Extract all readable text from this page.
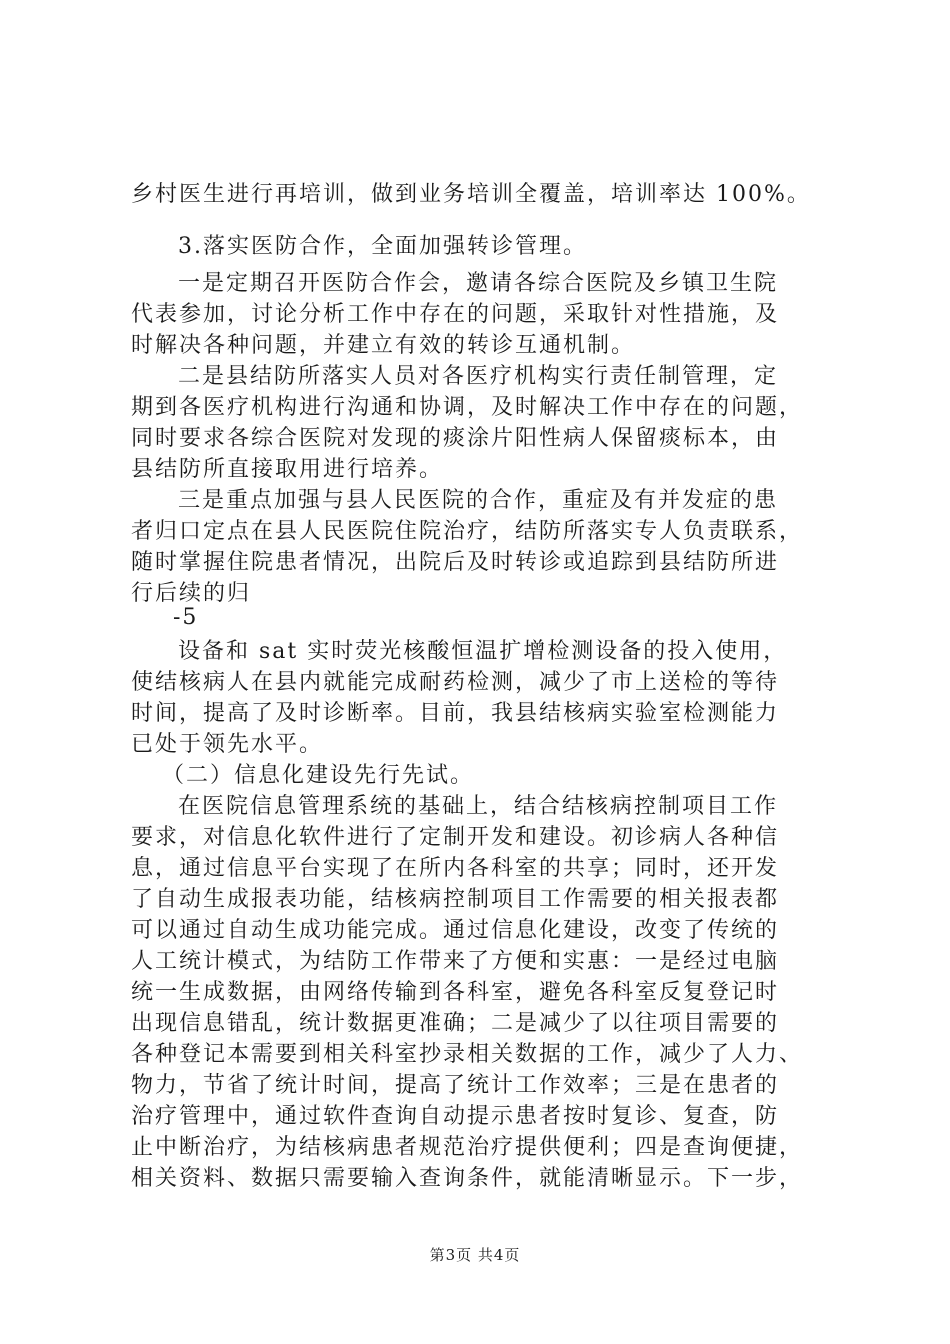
乡村医生进行再培训，做到业务培训全覆盖，培训率达 100%。
3.落实医防合作，全面加强转诊管理。
一是定期召开医防合作会，邀请各综合医院及乡镇卫生院
代表参加，讨论分析工作中存在的问题，采取针对性措施，及
时解决各种问题，并建立有效的转诊互通机制。
二是县结防所落实人员对各医疗机构实行责任制管理，定
期到各医疗机构进行沟通和协调，及时解决工作中存在的问题，
同时要求各综合医院对发现的痰涂片阳性病人保留痰标本，由
县结防所直接取用进行培养。
三是重点加强与县人民医院的合作，重症及有并发症的患
者归口定点在县人民医院住院治疗，结防所落实专人负责联系，
随时掌握住院患者情况，出院后及时转诊或追踪到县结防所进
行后续的归
-5
设备和 sat 实时荧光核酸恒温扩增检测设备的投入使用，
使结核病人在县内就能完成耐药检测，减少了市上送检的等待
时间，提高了及时诊断率。目前，我县结核病实验室检测能力
已处于领先水平。
（二）信息化建设先行先试。
在医院信息管理系统的基础上，结合结核病控制项目工作
要求，对信息化软件进行了定制开发和建设。初诊病人各种信
息，通过信息平台实现了在所内各科室的共享；同时，还开发
了自动生成报表功能，结核病控制项目工作需要的相关报表都
可以通过自动生成功能完成。通过信息化建设，改变了传统的
人工统计模式，为结防工作带来了方便和实惠：一是经过电脑
统一生成数据，由网络传输到各科室，避免各科室反复登记时
出现信息错乱，统计数据更准确；二是减少了以往项目需要的
各种登记本需要到相关科室抄录相关数据的工作，减少了人力、
物力，节省了统计时间，提高了统计工作效率；三是在患者的
治疗管理中，通过软件查询自动提示患者按时复诊、复查，防
止中断治疗，为结核病患者规范治疗提供便利；四是查询便捷，
相关资料、数据只需要输入查询条件，就能清晰显示。下一步，
第3页 共4页
